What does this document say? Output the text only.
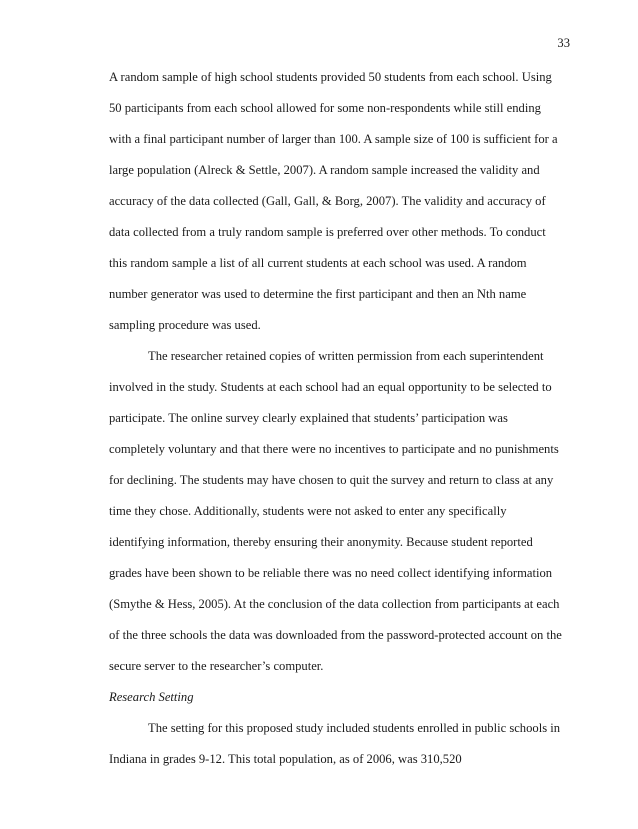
33
A random sample of high school students provided 50 students from each school. Using
50 participants from each school allowed for some non-respondents while still ending
with a final participant number of larger than 100. A sample size of 100 is sufficient for a
large population (Alreck & Settle, 2007). A random sample increased the validity and
accuracy of the data collected (Gall, Gall, & Borg, 2007). The validity and accuracy of
data collected from a truly random sample is preferred over other methods. To conduct
this random sample a list of all current students at each school was used. A random
number generator was used to determine the first participant and then an Nth name
sampling procedure was used.
The researcher retained copies of written permission from each superintendent
involved in the study. Students at each school had an equal opportunity to be selected to
participate. The online survey clearly explained that students’ participation was
completely voluntary and that there were no incentives to participate and no punishments
for declining. The students may have chosen to quit the survey and return to class at any
time they chose. Additionally, students were not asked to enter any specifically
identifying information, thereby ensuring their anonymity. Because student reported
grades have been shown to be reliable there was no need collect identifying information
(Smythe & Hess, 2005). At the conclusion of the data collection from participants at each
of the three schools the data was downloaded from the password-protected account on the
secure server to the researcher’s computer.
Research Setting
The setting for this proposed study included students enrolled in public schools in
Indiana in grades 9-12. This total population, as of 2006, was 310,520
